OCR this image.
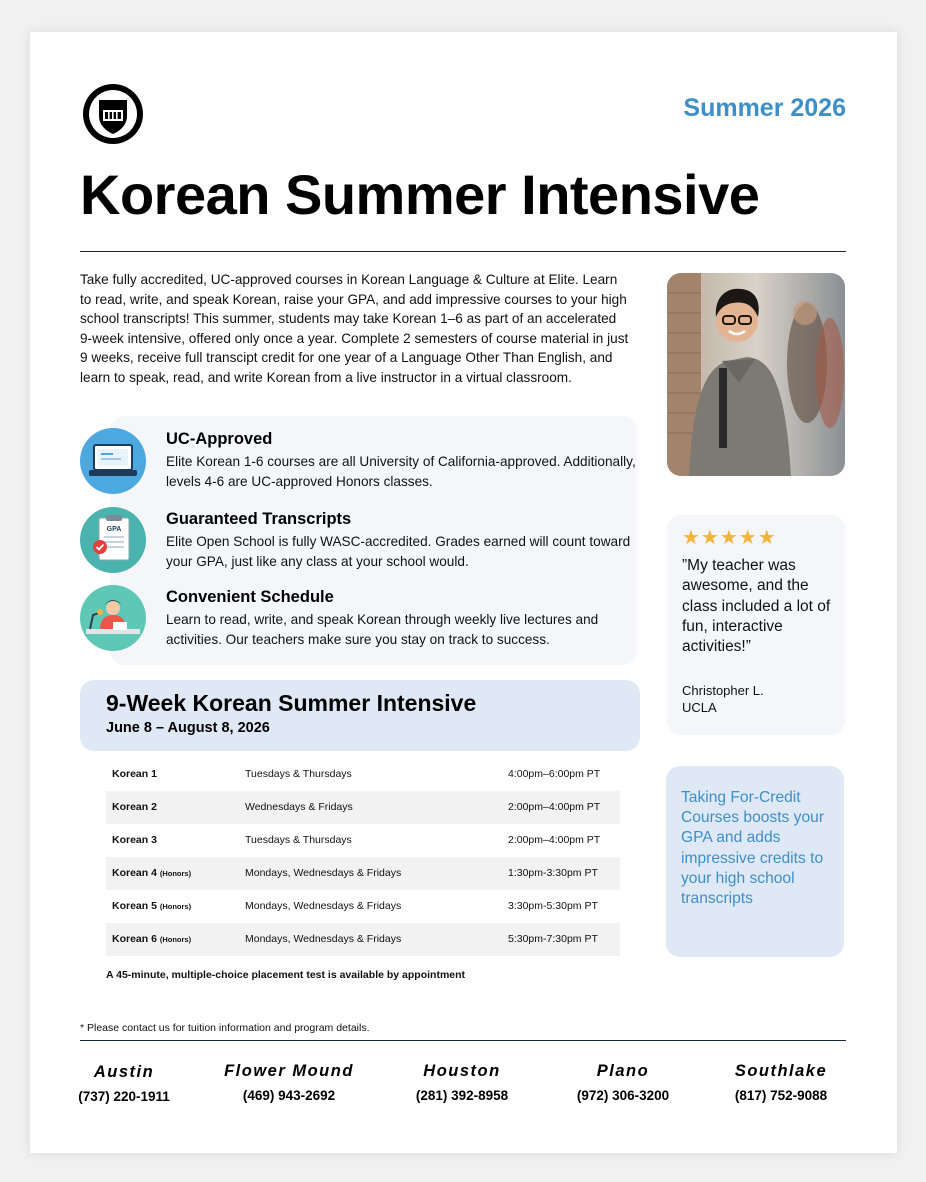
Summer 2026
Korean Summer Intensive
Take fully accredited, UC-approved courses in Korean Language & Culture at Elite. Learn to read, write, and speak Korean, raise your GPA, and add impressive courses to your high school transcripts! This summer, students may take Korean 1–6 as part of an accelerated 9-week intensive, offered only once a year. Complete 2 semesters of course material in just 9 weeks, receive full transcipt credit for one year of a Language Other Than English, and learn to speak, read, and write Korean from a live instructor in a virtual classroom.
UC-Approved
Elite Korean 1-6 courses are all University of California-approved. Additionally, levels 4-6 are UC-approved Honors classes.
GPA
Guaranteed Transcripts
Elite Open School is fully WASC-accredited. Grades earned will count toward your GPA, just like any class at your school would.
Convenient Schedule
Learn to read, write, and speak Korean through weekly live lectures and activities. Our teachers make sure you stay on track to success.
9-Week Korean Summer Intensive
June 8 – August 8, 2026
Korean 1	Tuesdays & Thursdays	4:00pm–6:00pm PT
Korean 2	Wednesdays & Fridays	2:00pm–4:00pm PT
Korean 3	Tuesdays & Thursdays	2:00pm–4:00pm PT
Korean 4 (Honors)	Mondays, Wednesdays & Fridays	1:30pm-3:30pm PT
Korean 5 (Honors)	Mondays, Wednesdays & Fridays	3:30pm-5:30pm PT
Korean 6 (Honors)	Mondays, Wednesdays & Fridays	5:30pm-7:30pm PT
A 45-minute, multiple-choice placement test is available by appointment
★★★★★
”My teacher was awesome, and the class included a lot of fun, interactive activities!”
Christopher L.
UCLA
Taking For-Credit Courses boosts your GPA and adds impressive credits to your high school transcripts
* Please contact us for tuition information and program details.
Austin
(737) 220-1911
Flower Mound
(469) 943-2692
Houston
(281) 392-8958
Plano
(972) 306-3200
Southlake
(817) 752-9088
